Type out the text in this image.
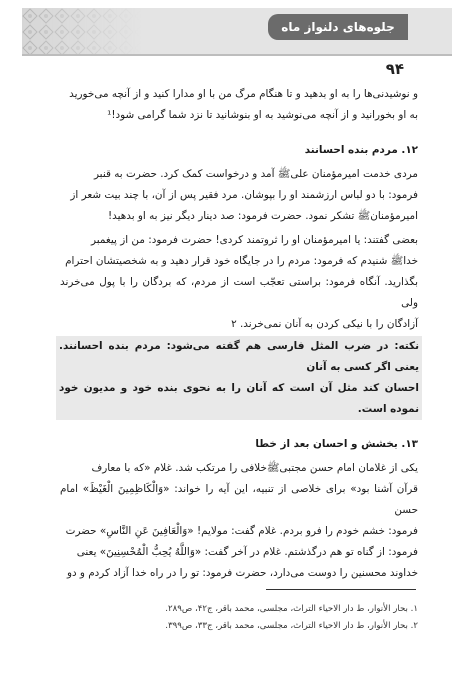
جلوه‌های دلنواز ماه
۹۴

و نوشیدنی‌ها را به او بدهید و تا هنگام مرگ من با او مدارا کنید و از آنچه می‌خورید

به او بخورانید و از آنچه می‌نوشید به او بنوشانید تا نزد شما گرامی شود!¹

۱۲. مردم بنده احسانند

مردی خدمت امیرمؤمنان علیﷺ آمد و درخواست کمک کرد. حضرت به قنبر

فرمود: با دو لباس ارزشمند او را بپوشان. مرد فقیر پس از آن، با چند بیت شعر از

امیرمؤمنانﷺ تشکر نمود. حضرت فرمود: صد دینار دیگر نیز به او بدهید!

بعضی گفتند: یا امیرمؤمنان او را ثروتمند کردی! حضرت فرمود: من از پیغمبر

خداﷺ شنیدم که فرمود: مردم را در جایگاه خود قرار دهید و به شخصیتشان احترام

بگذارید. آنگاه فرمود: براستی تعجّب است از مردم، که بردگان را با پول می‌خرند ولی

آزادگان را با نیکی کردن به آنان نمی‌خرند. ۲

نکته: در ضرب المثل فارسی هم گفته می‌شود: مردم بنده احسانند. یعنی اگر کسی به آنان

احسان کند مثل آن است که آنان را به نحوی بنده خود و مدیون خود نموده است.

۱۳. بخشش و احسان بعد از خطا

یکی از غلامان امام حسن مجتبیﷺخلافی را مرتکب شد. غلام «که با معارف

قرآن آشنا بود» برای خلاصی از تنبیه، این آیه را خواند: «وَالْكَاظِمِينَ الْغَيْظَ» امام حسن

فرمود: خشم خودم را فرو بردم. غلام گفت: مولایم! «وَالْعَافِينَ عَنِ النَّاسِ» حضرت

فرمود: از گناه تو هم درگذشتم. غلام در آخر گفت: «وَاللَّهُ يُحِبُّ الْمُحْسِنِينَ» یعنی

خداوند محسنین را دوست می‌دارد، حضرت فرمود: تو را در راه خدا آزاد کردم و دو

۱. بحار الأنوار، ط دار الاحیاء التراث، مجلسی، محمد باقر، ج۴۲، ص۲۸۹.

۲. بحار الأنوار، ط دار الاحیاء التراث، مجلسی، محمد باقر، ج۳۳، ص۳۹۹.
